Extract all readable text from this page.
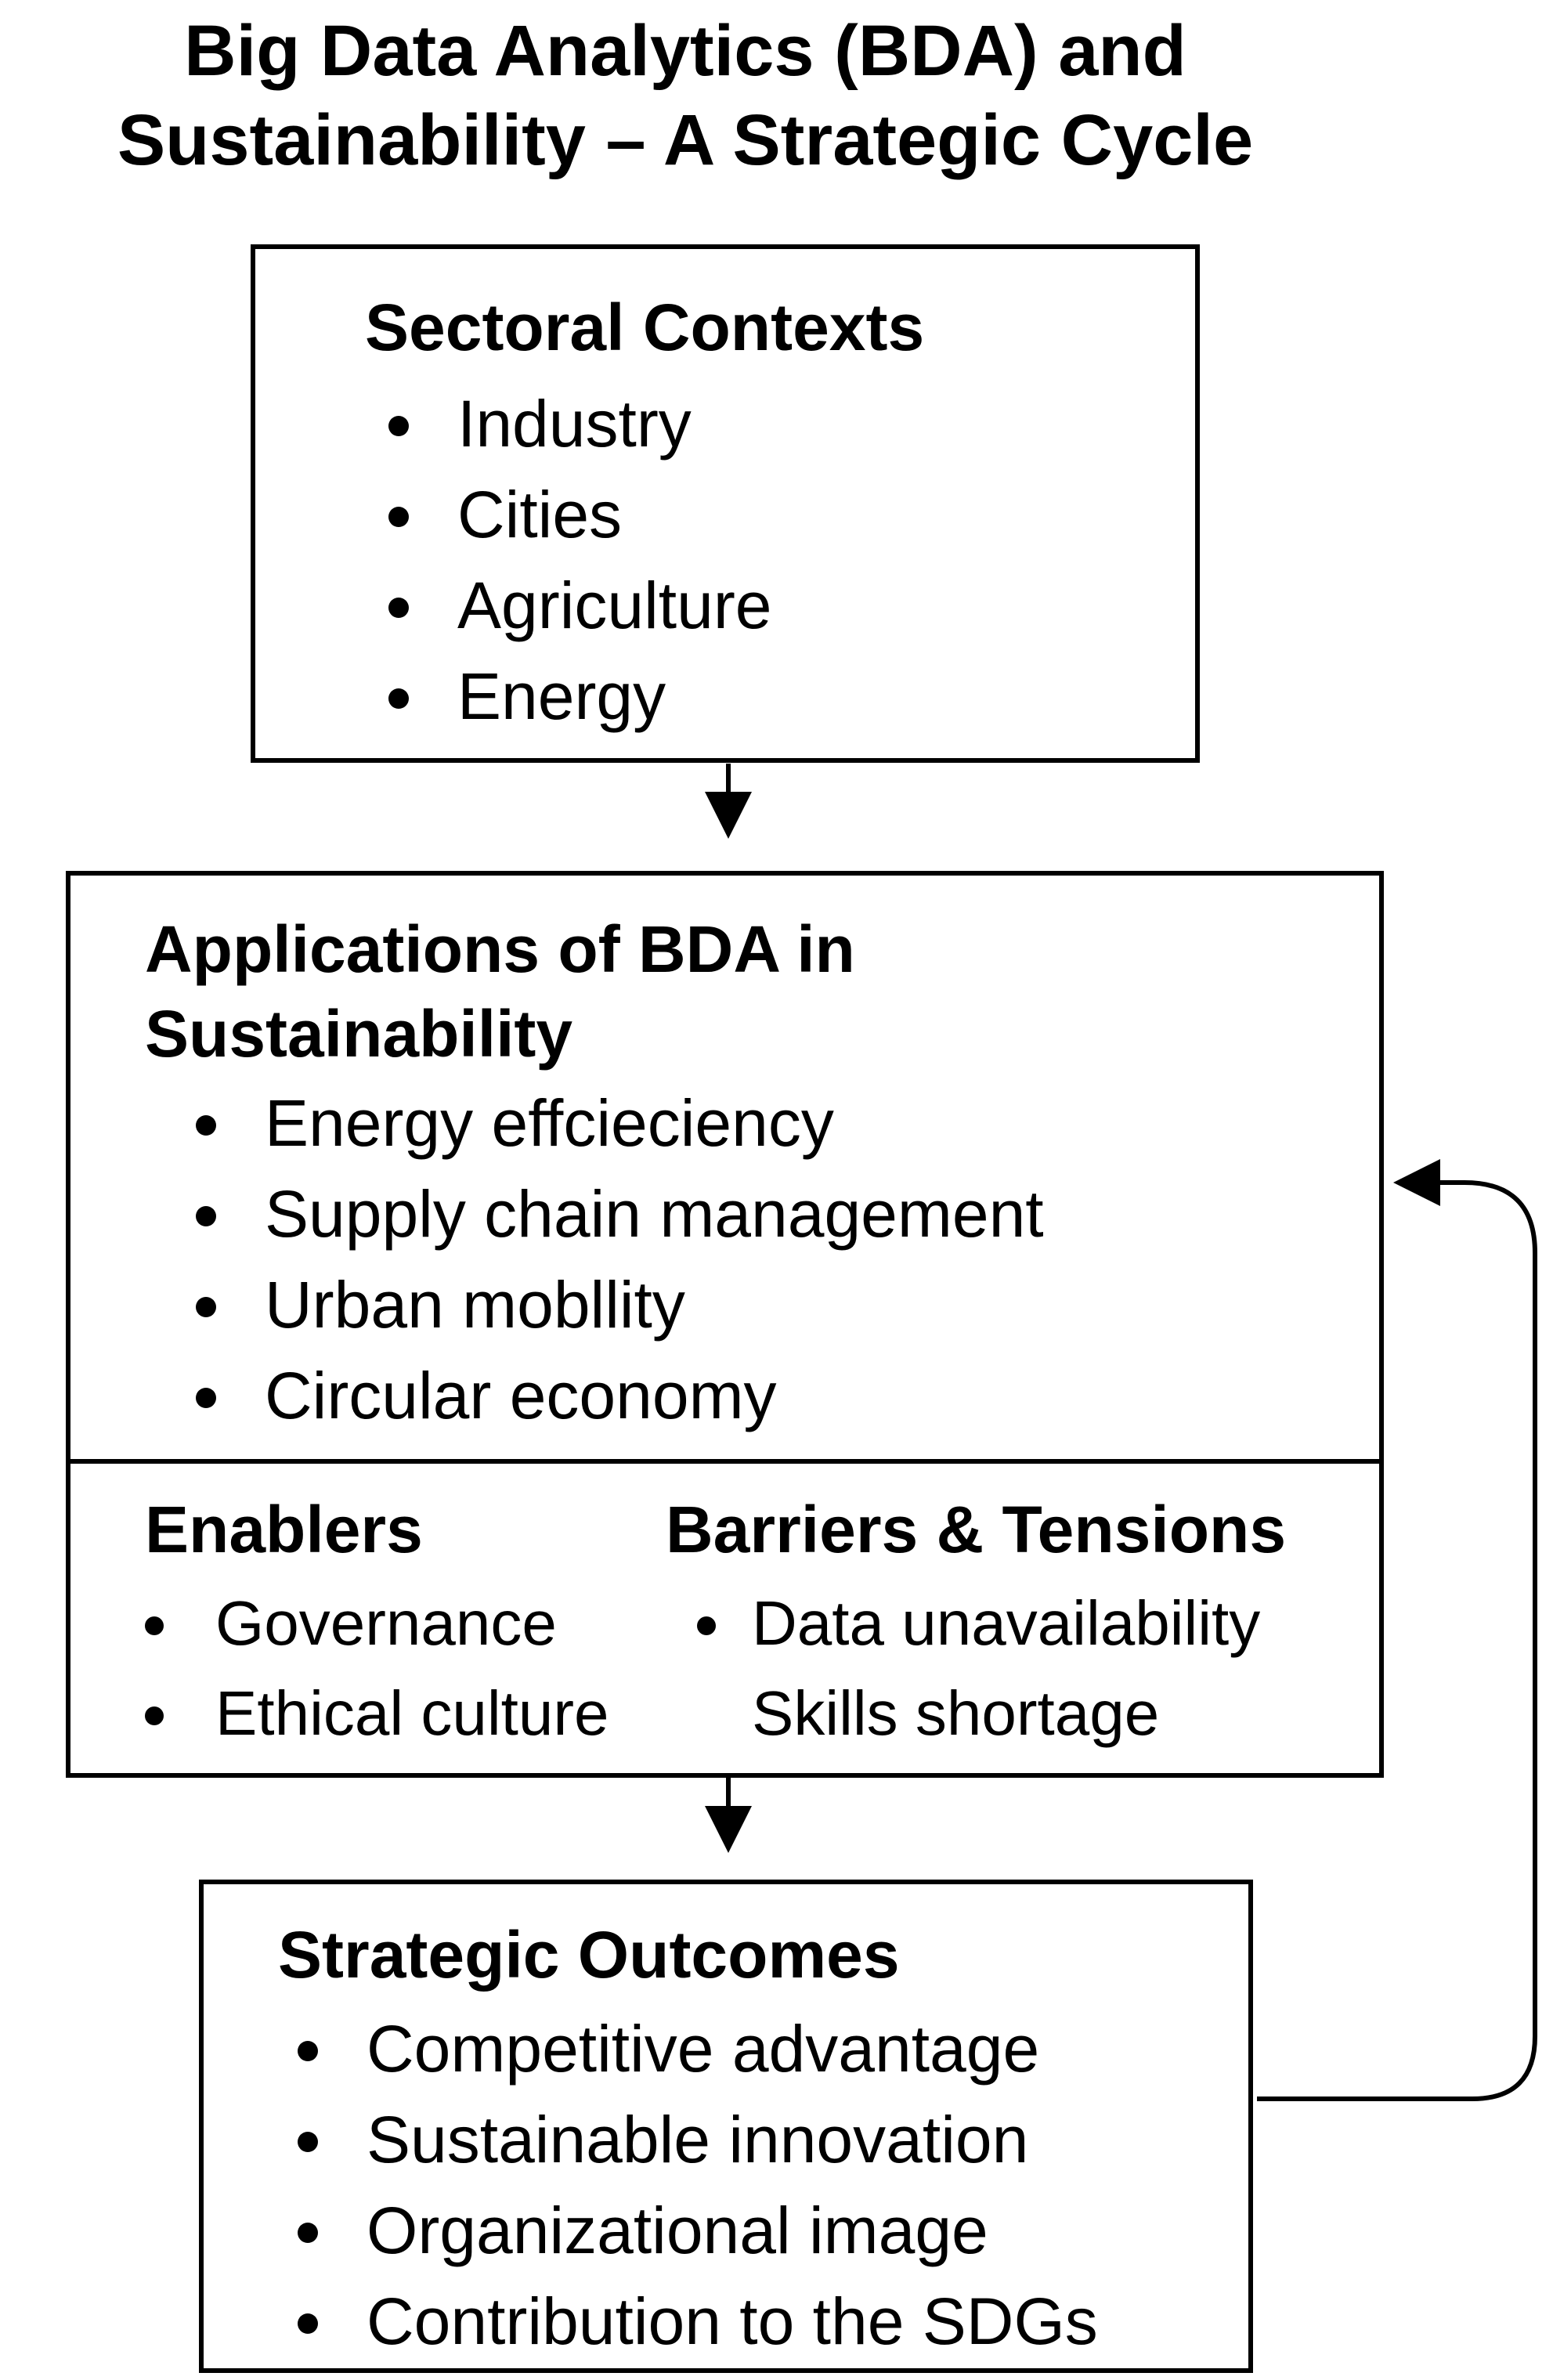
Big Data Analytics (BDA) and
Sustainability – A Strategic Cycle
Sectoral Contexts
Industry
Cities
Agriculture
Energy
Applications of BDA in
Sustainability
Energy effcieciency
Supply chain management
Urban mobllity
Circular economy
Enablers
Governance
Ethical culture
Barriers & Tensions
Data unavailability
Skills shortage
Strategic Outcomes
Competitive advantage
Sustainable innovation
Organizational image
Contribution to the SDGs
